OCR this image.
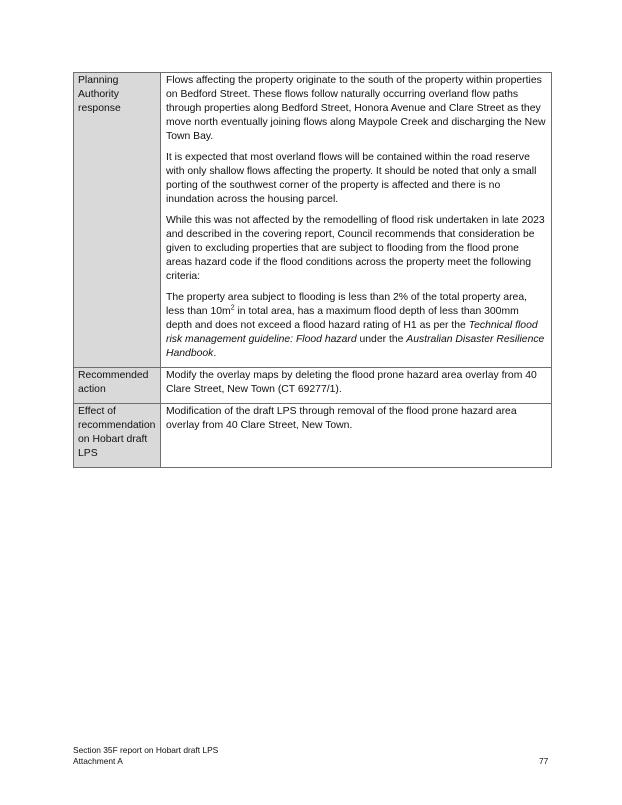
Planning Authority response	Flows affecting the property originate to the south of the property within properties on Bedford Street. These flows follow naturally occurring overland flow paths through properties along Bedford Street, Honora Avenue and Clare Street as they move north eventually joining flows along Maypole Creek and discharging the New Town Bay.

It is expected that most overland flows will be contained within the road reserve with only shallow flows affecting the property. It should be noted that only a small porting of the southwest corner of the property is affected and there is no inundation across the housing parcel.

While this was not affected by the remodelling of flood risk undertaken in late 2023 and described in the covering report, Council recommends that consideration be given to excluding properties that are subject to flooding from the flood prone areas hazard code if the flood conditions across the property meet the following criteria:

The property area subject to flooding is less than 2% of the total property area, less than $10m^2$ in total area, has a maximum flood depth of less than 300mm depth and does not exceed a flood hazard rating of H1 as per the Technical flood risk management guideline: Flood hazard under the Australian Disaster Resilience Handbook.

Recommended action	Modify the overlay maps by deleting the flood prone hazard area overlay from 40 Clare Street, New Town (CT 69277/1).
Effect of recommendation on Hobart draft LPS	Modification of the draft LPS through removal of the flood prone hazard area overlay from 40 Clare Street, New Town.
Section 35F report on Hobart draft LPS
Attachment A	77
